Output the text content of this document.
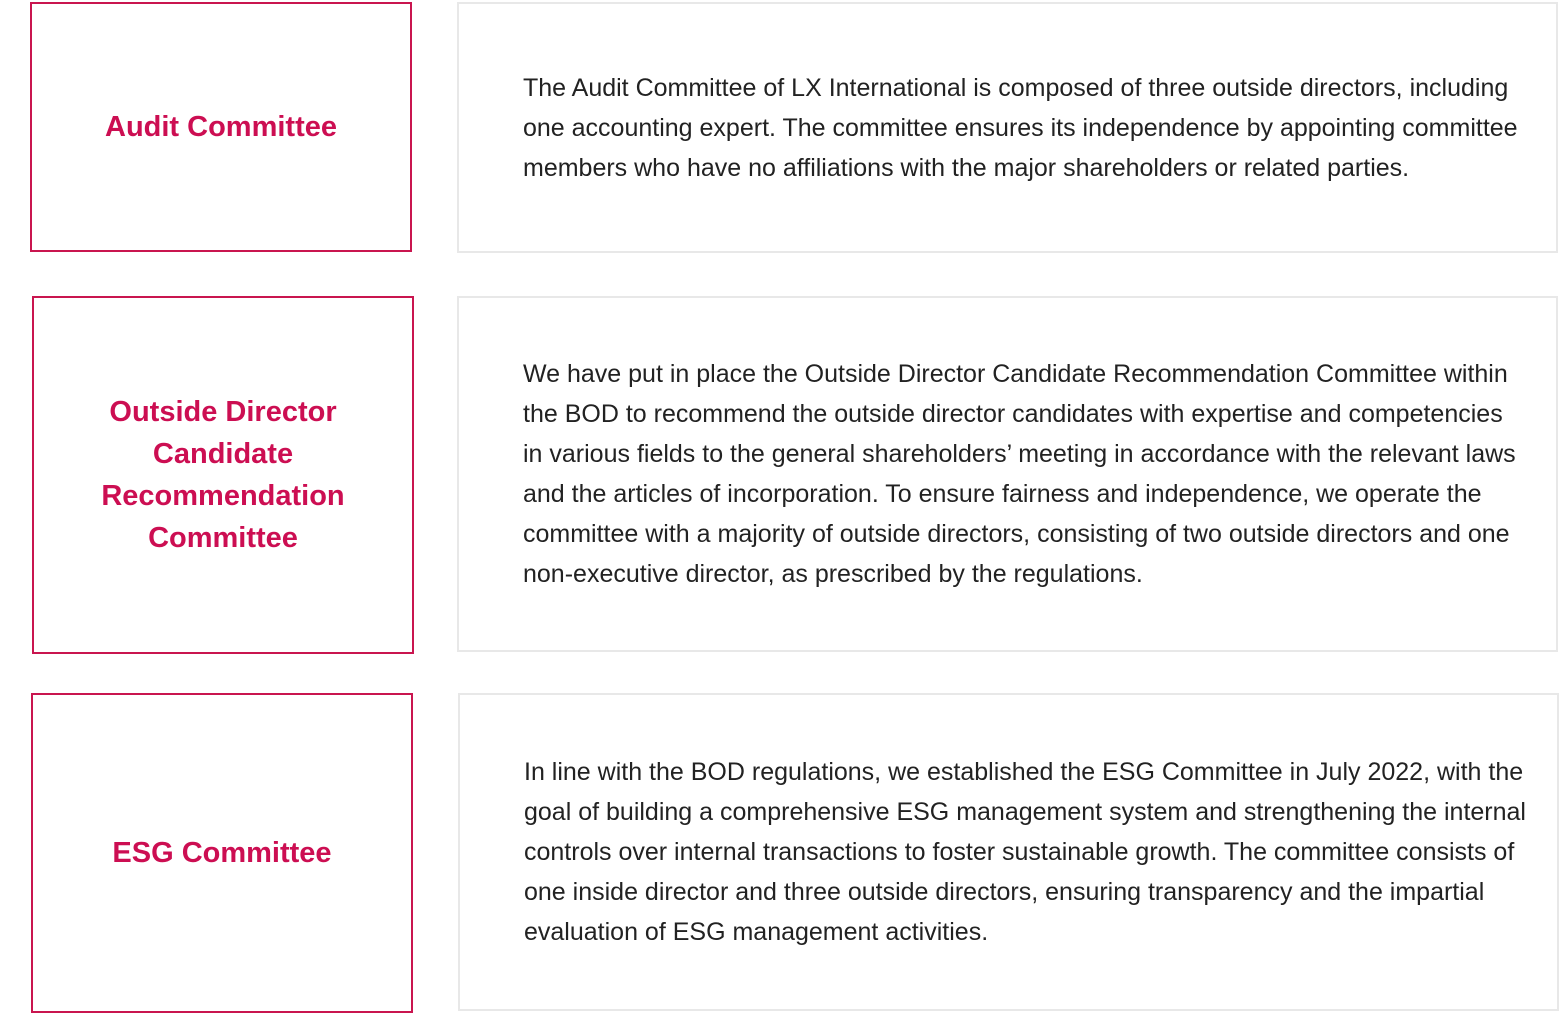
Audit Committee

The Audit Committee of LX International is composed of three outside directors, including one accounting expert. The committee ensures its independence by appointing committee members who have no affiliations with the major shareholders or related parties.

Outside Director Candidate Recommendation Committee

We have put in place the Outside Director Candidate Recommendation Committee within the BOD to recommend the outside director candidates with expertise and competencies in various fields to the general shareholders’ meeting in accordance with the relevant laws and the articles of incorporation. To ensure fairness and independence, we operate the committee with a majority of outside directors, consisting of two outside directors and one non-executive director, as prescribed by the regulations.

ESG Committee

In line with the BOD regulations, we established the ESG Committee in July 2022, with the goal of building a comprehensive ESG management system and strengthening the internal controls over internal transactions to foster sustainable growth. The committee consists of one inside director and three outside directors, ensuring transparency and the impartial evaluation of ESG management activities.
